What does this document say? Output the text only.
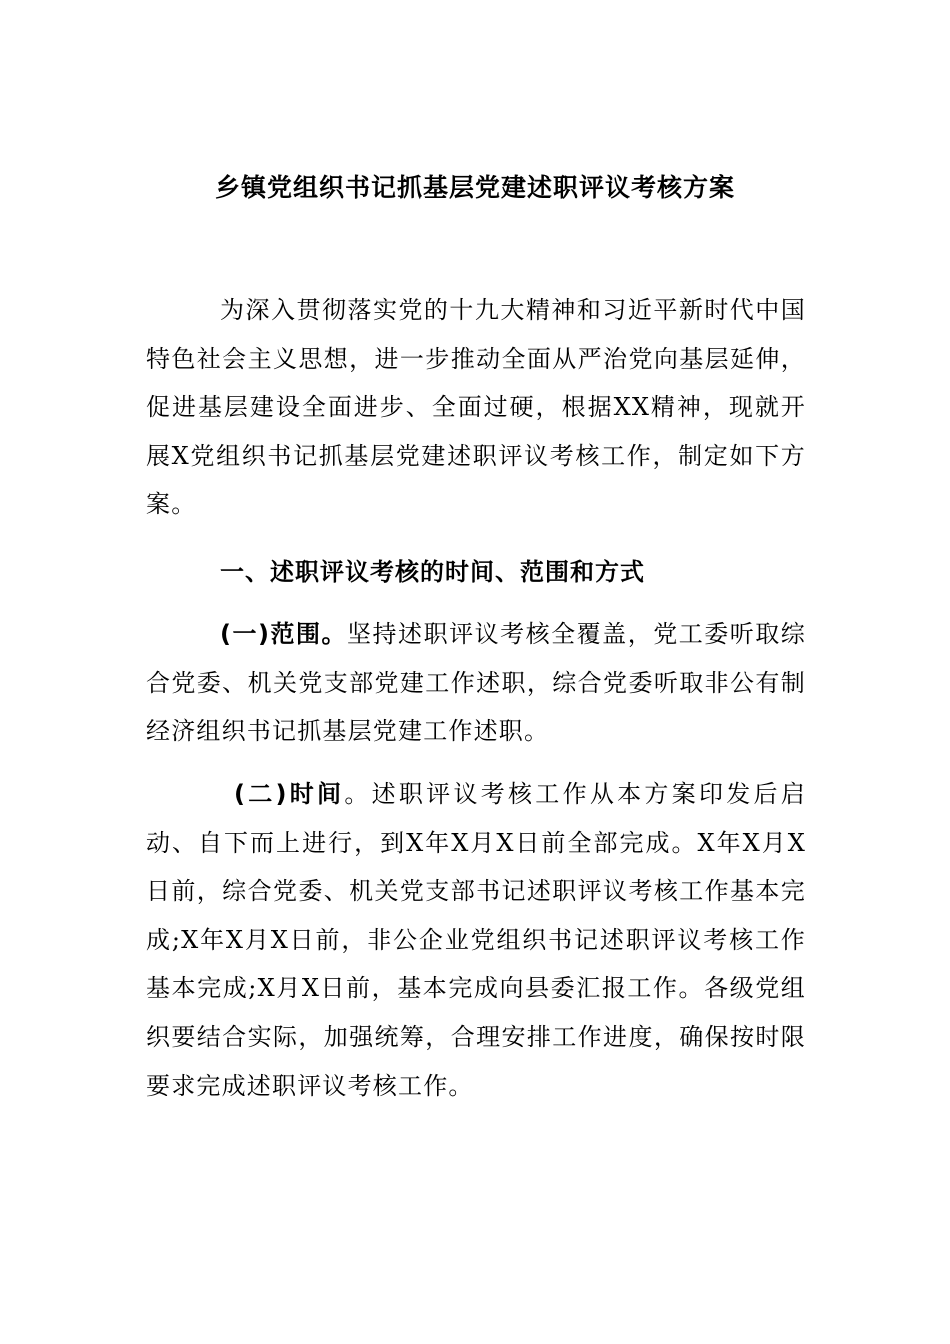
乡镇党组织书记抓基层党建述职评议考核方案

为深入贯彻落实党的十九大精神和习近平新时代中国特色社会主义思想，进一步推动全面从严治党向基层延伸，促进基层建设全面进步、全面过硬，根据XX精神，现就开展X党组织书记抓基层党建述职评议考核工作，制定如下方案。

一、述职评议考核的时间、范围和方式

(一)范围。坚持述职评议考核全覆盖，党工委听取综合党委、机关党支部党建工作述职，综合党委听取非公有制经济组织书记抓基层党建工作述职。

(二)时间。述职评议考核工作从本方案印发后启动、自下而上进行，到X年X月X日前全部完成。X年X月X日前，综合党委、机关党支部书记述职评议考核工作基本完成;X年X月X日前，非公企业党组织书记述职评议考核工作基本完成;X月X日前，基本完成向县委汇报工作。各级党组织要结合实际，加强统筹，合理安排工作进度，确保按时限要求完成述职评议考核工作。
